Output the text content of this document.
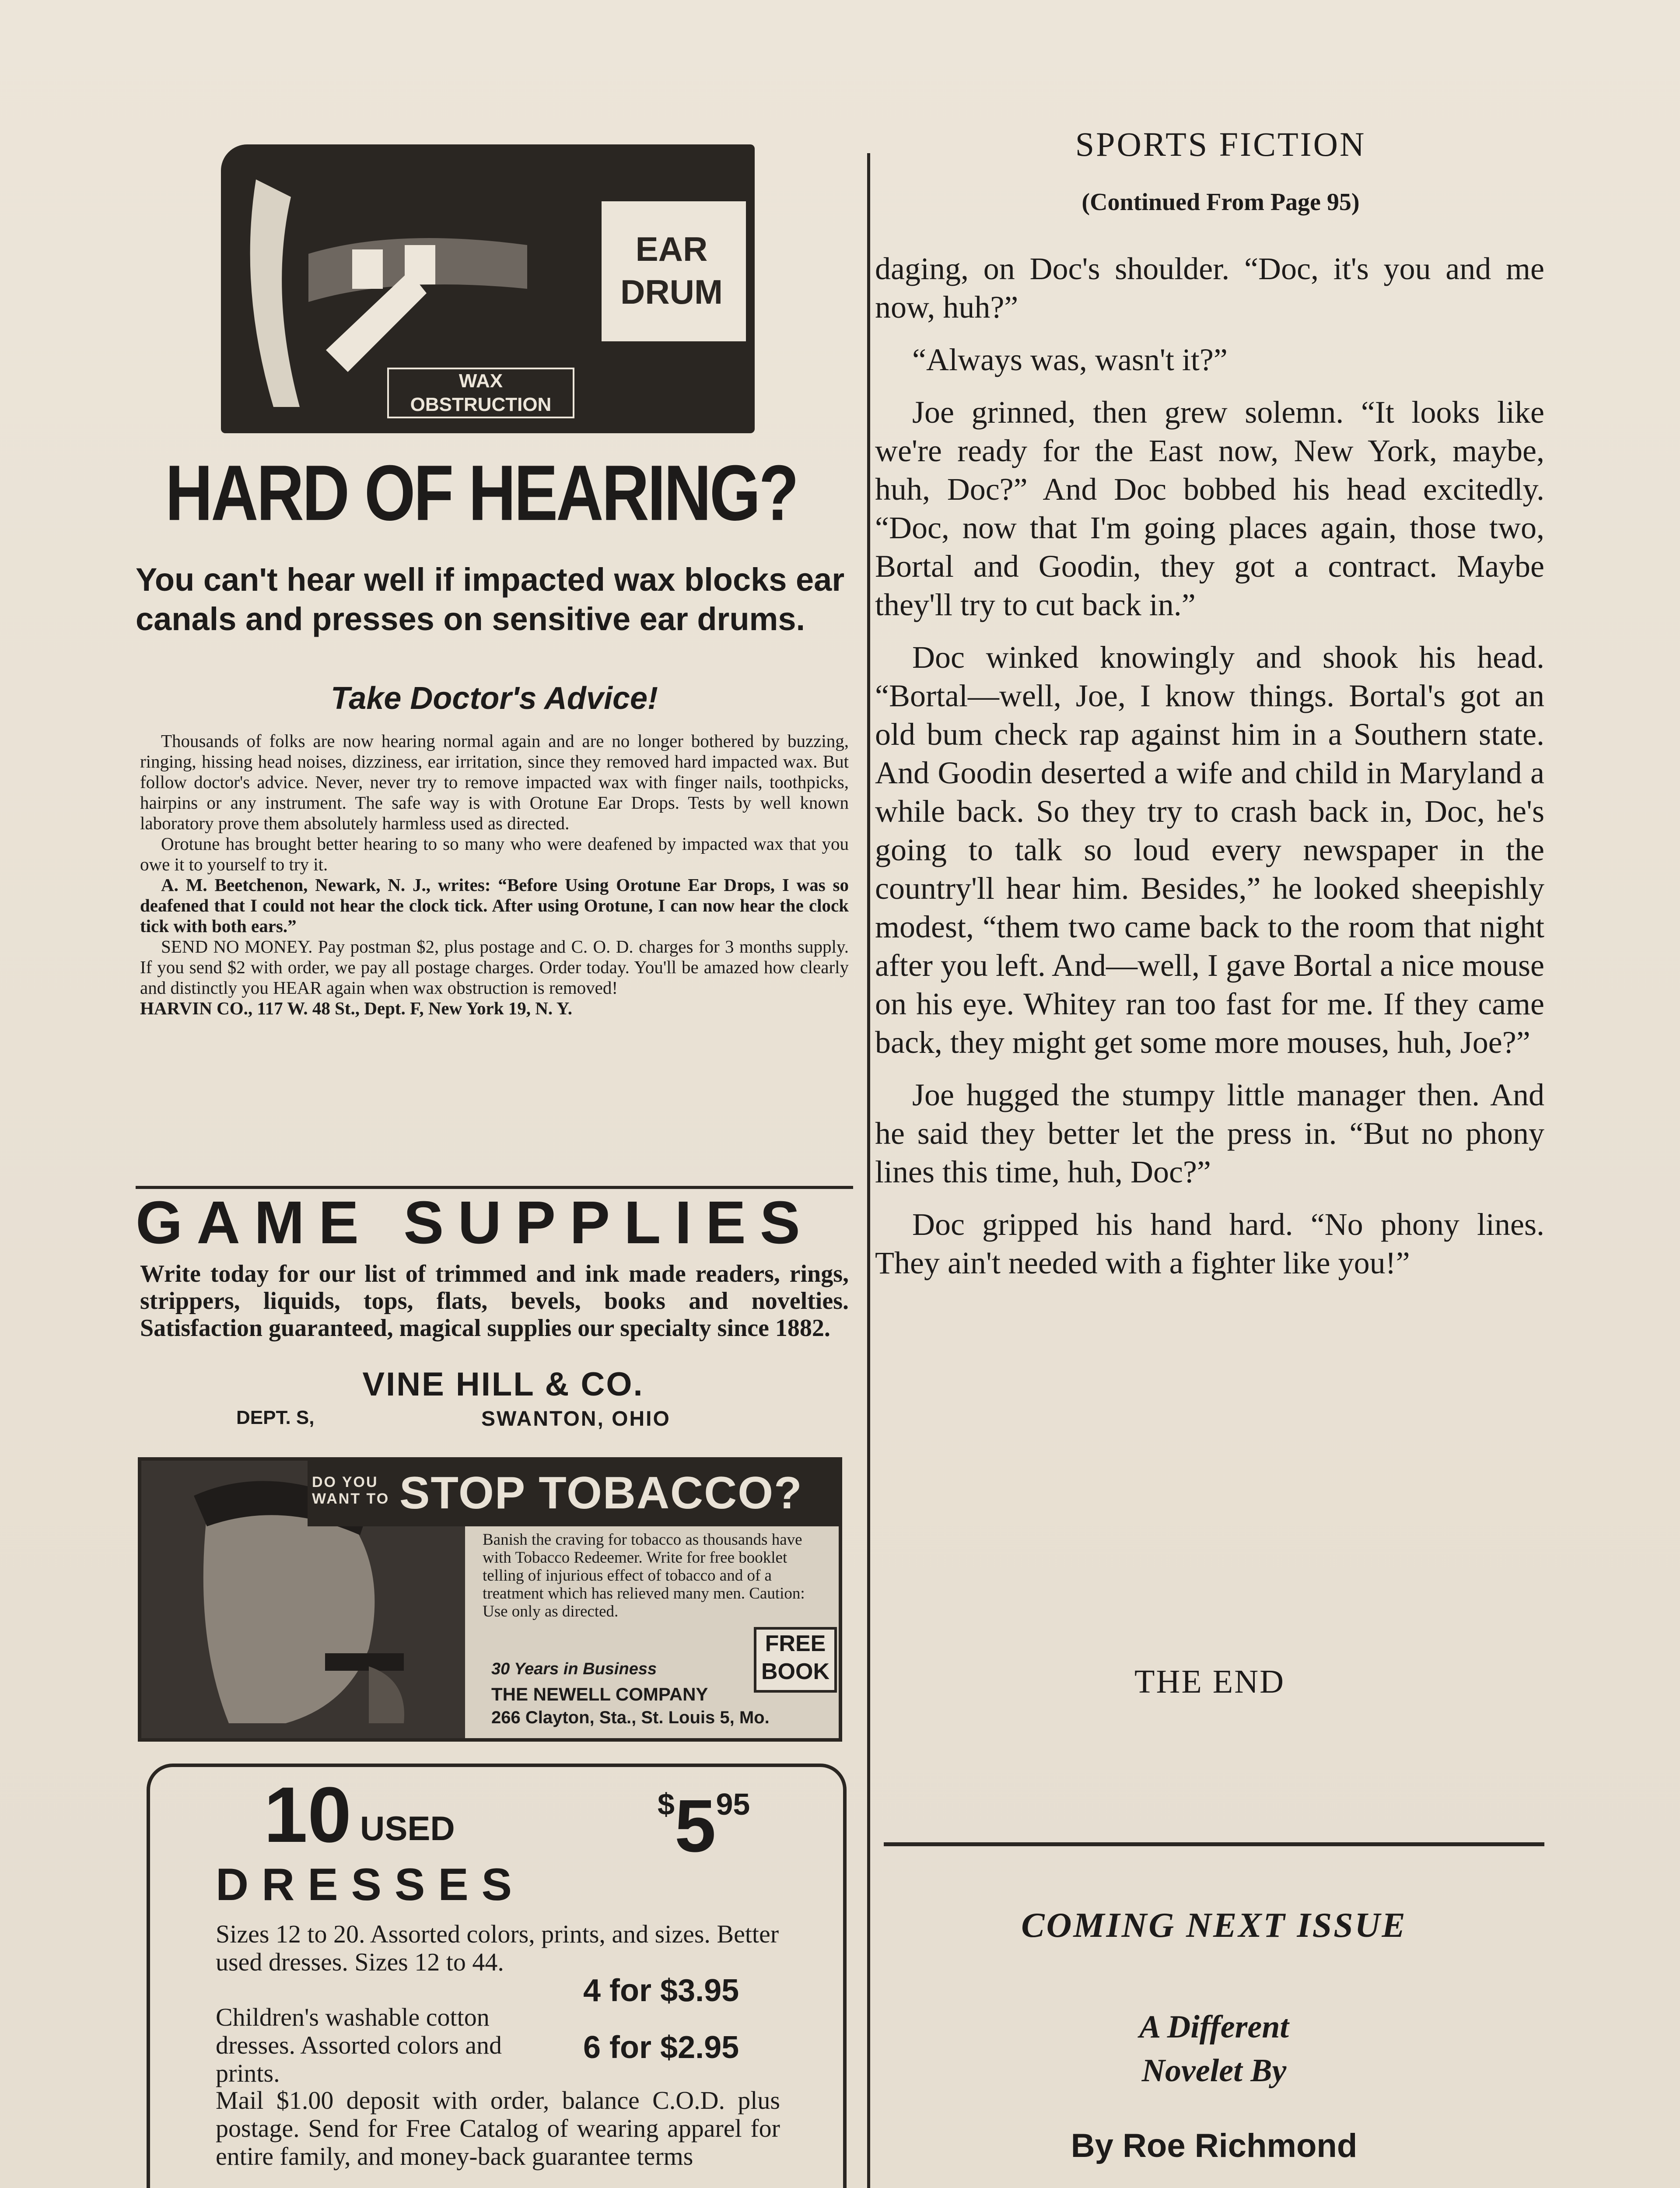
SPORTS FICTION
(Continued From Page 95)

daging, on Doc's shoulder. “Doc, it's you and me now, huh?”

“Always was, wasn't it?”

Joe grinned, then grew solemn. “It looks like we're ready for the East now, New York, maybe, huh, Doc?” And Doc bobbed his head excitedly. “Doc, now that I'm going places again, those two, Bortal and Goodin, they got a contract. Maybe they'll try to cut back in.”

Doc winked knowingly and shook his head. “Bortal—well, Joe, I know things. Bortal's got an old bum check rap against him in a Southern state. And Goodin deserted a wife and child in Maryland a while back. So they try to crash back in, Doc, he's going to talk so loud every newspaper in the country'll hear him. Besides,” he looked sheepishly modest, “them two came back to the room that night after you left. And—well, I gave Bortal a nice mouse on his eye. Whitey ran too fast for me. If they came back, they might get some more mouses, huh, Joe?”

Joe hugged the stumpy little manager then. And he said they better let the press in. “But no phony lines this time, huh, Doc?”

Doc gripped his hand hard. “No phony lines. They ain't needed with a fighter like you!”

THE END
COMING NEXT ISSUE
A Different
Novelet By
By Roe Richmond
EAR
DRUM
WAX
OBSTRUCTION
HARD OF HEARING?
You can't hear well if impacted wax blocks ear canals and presses on sensitive ear drums.
Take Doctor's Advice!

Thousands of folks are now hearing normal again and are no longer bothered by buzzing, ringing, hissing head noises, dizziness, ear irritation, since they removed hard impacted wax. But follow doctor's advice. Never, never try to remove impacted wax with finger nails, toothpicks, hairpins or any instrument. The safe way is with Orotune Ear Drops. Tests by well known laboratory prove them absolutely harmless used as directed.

Orotune has brought better hearing to so many who were deafened by impacted wax that you owe it to yourself to try it.

A. M. Beetchenon, Newark, N. J., writes: “Before Using Orotune Ear Drops, I was so deafened that I could not hear the clock tick. After using Orotune, I can now hear the clock tick with both ears.”

SEND NO MONEY. Pay postman $2, plus postage and C. O. D. charges for 3 months supply. If you send $2 with order, we pay all postage charges. Order today. You'll be amazed how clearly and distinctly you HEAR again when wax obstruction is removed!

HARVIN CO., 117 W. 48 St., Dept. F, New York 19, N. Y.

GAME SUPPLIES
Write today for our list of trimmed and ink made readers, rings, strippers, liquids, tops, flats, bevels, books and novelties. Satisfaction guaranteed, magical supplies our specialty since 1882.
VINE HILL & CO.
DEPT. S,	SWANTON, OHIO
DO YOU
WANT TO STOP TOBACCO?
Banish the craving for tobacco as thousands have with Tobacco Redeemer. Write for free booklet telling of injurious effect of tobacco and of a treatment which has relieved many men. Caution: Use only as directed.
30 Years in Business
THE NEWELL COMPANY
266 Clayton, Sta., St. Louis 5, Mo.
FREE
BOOK
10 USED
DRESSES
$595
Sizes 12 to 20. Assorted colors, prints, and sizes. Better used dresses. Sizes 12 to 44.
4 for $3.95
Children's washable cotton dresses. Assorted colors and prints.
6 for $2.95
Mail $1.00 deposit with order, balance C.O.D. plus postage. Send for Free Catalog of wearing apparel for entire family, and money-back guarantee terms
